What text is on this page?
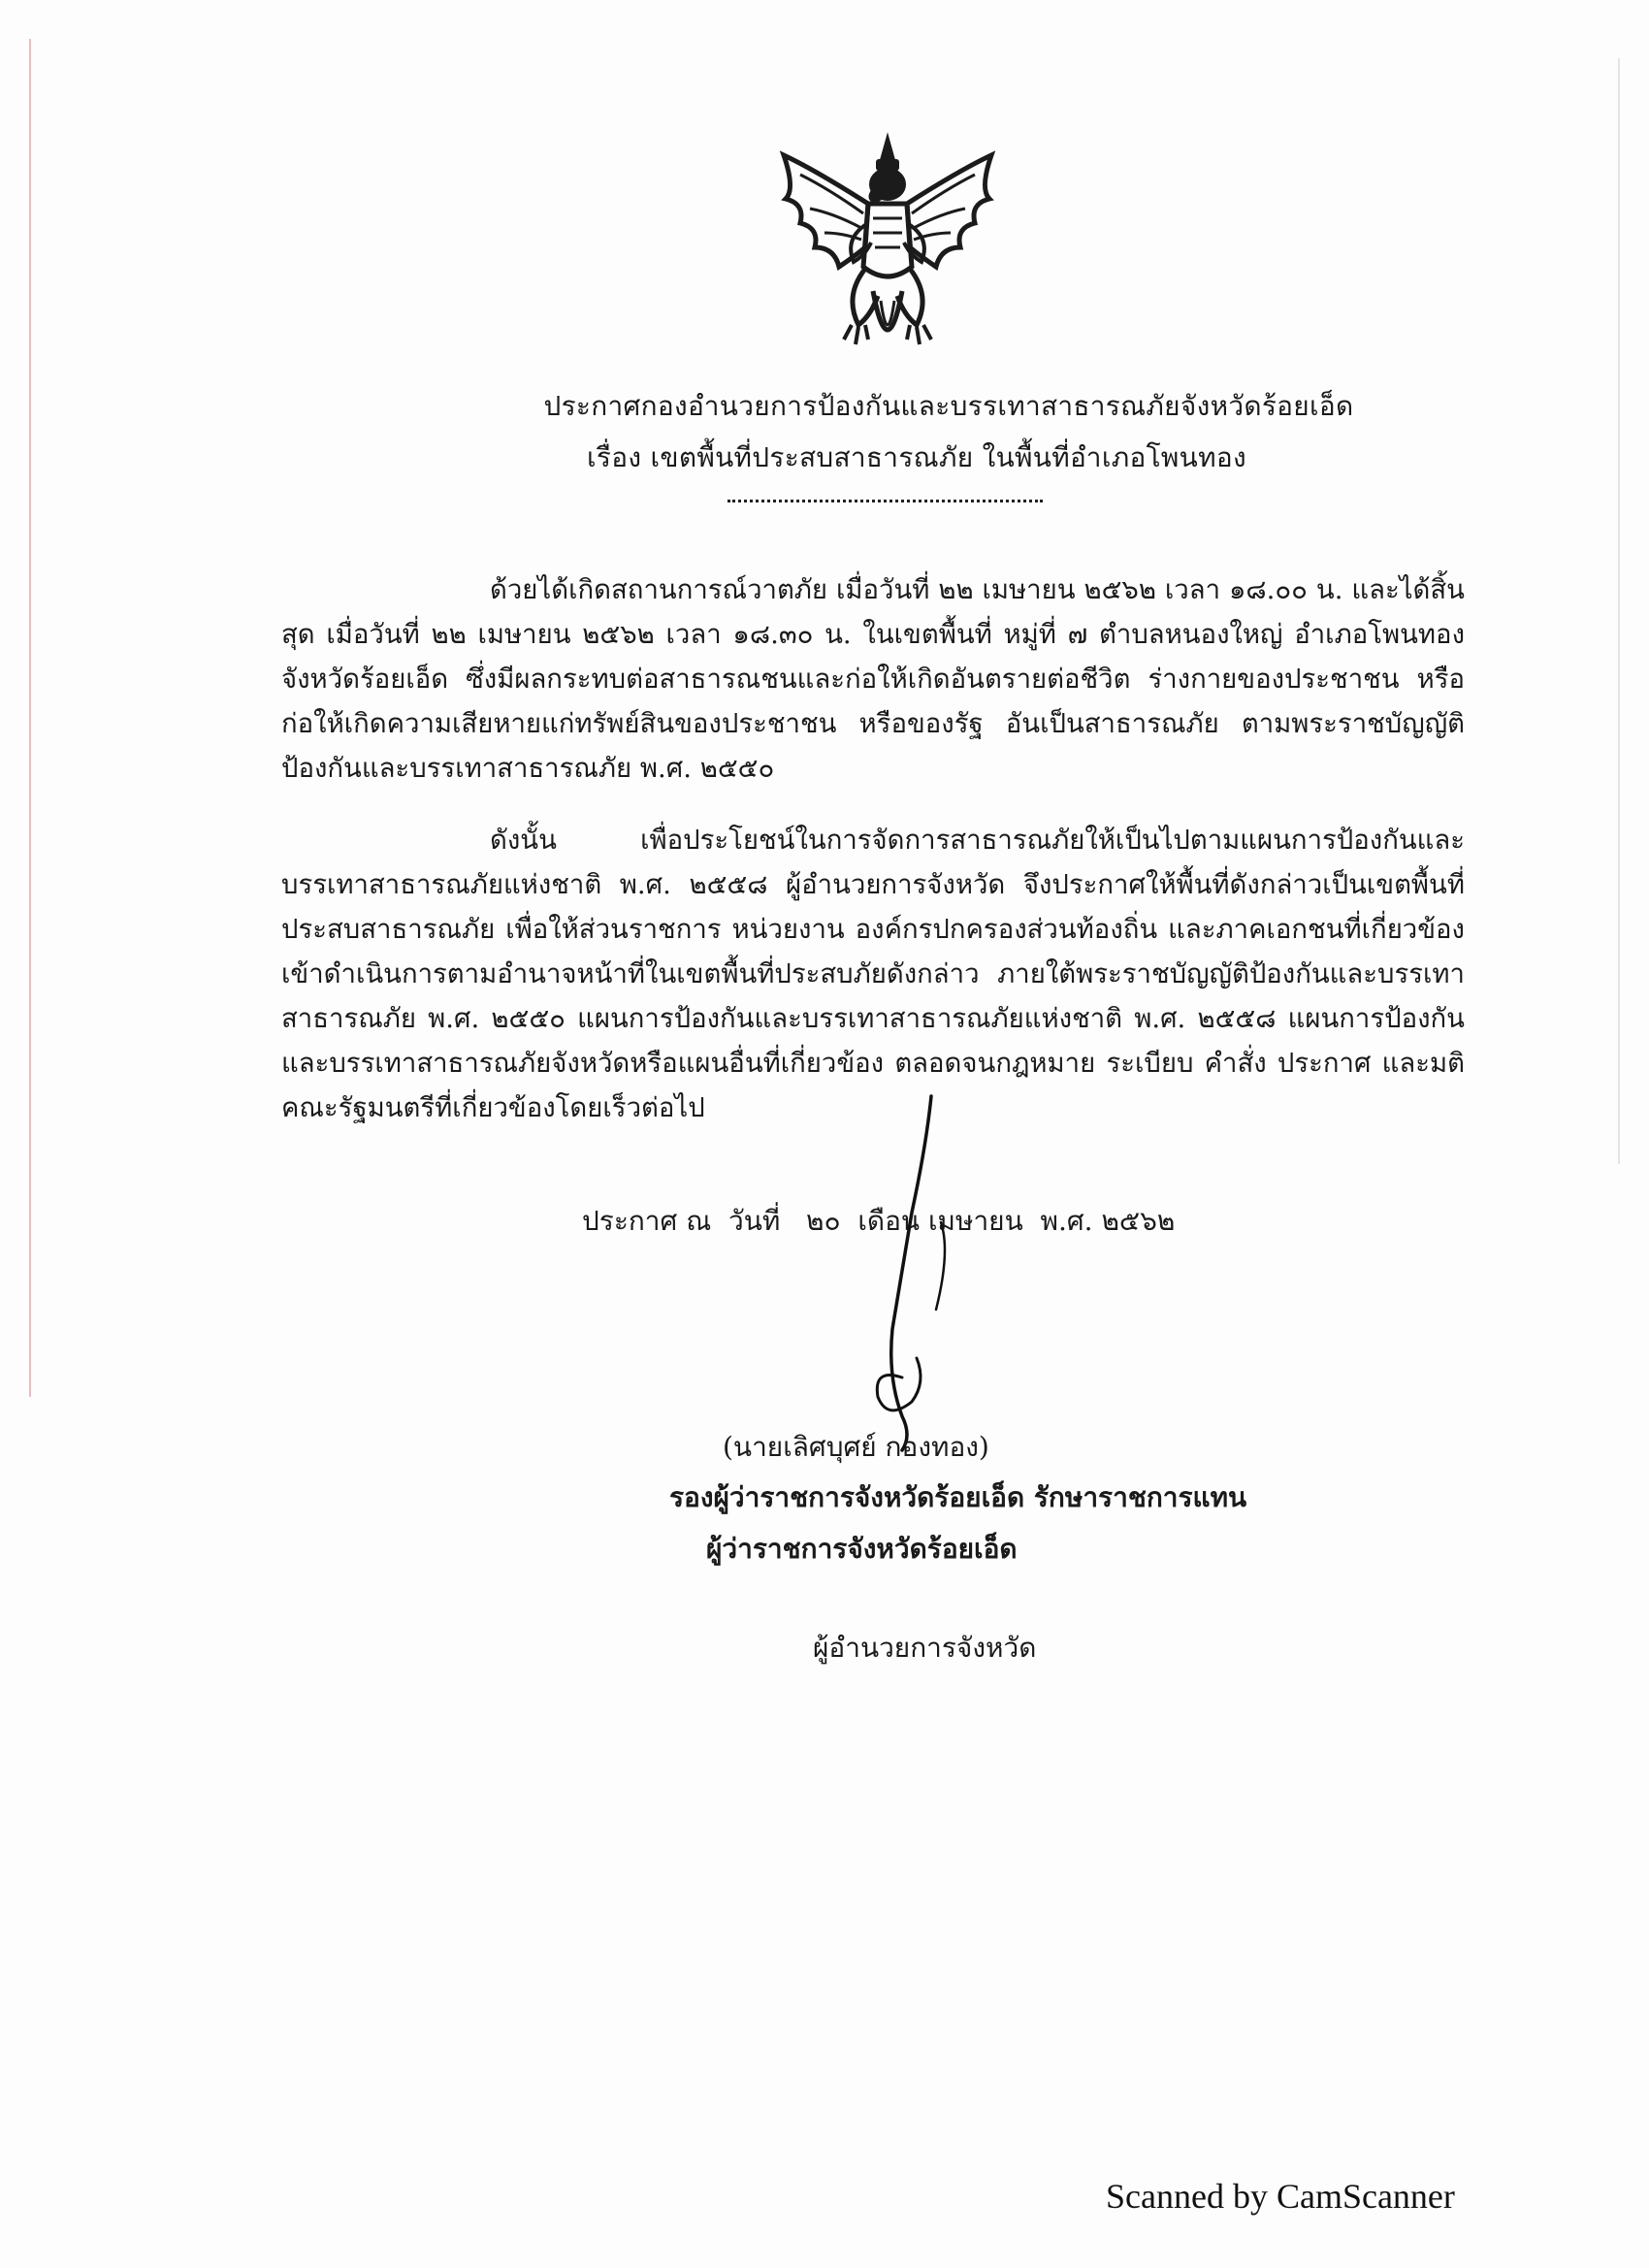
ประกาศกองอำนวยการป้องกันและบรรเทาสาธารณภัยจังหวัดร้อยเอ็ด
เรื่อง เขตพื้นที่ประสบสาธารณภัย ในพื้นที่อำเภอโพนทอง
ด้วยได้เกิดสถานการณ์วาตภัย เมื่อวันที่ ๒๒ เมษายน ๒๕๖๒ เวลา ๑๘.๐๐ น. และได้สิ้นสุด เมื่อวันที่ ๒๒ เมษายน ๒๕๖๒ เวลา ๑๘.๓๐ น. ในเขตพื้นที่ หมู่ที่ ๗ ตำบลหนองใหญ่ อำเภอโพนทอง จังหวัดร้อยเอ็ด ซึ่งมีผลกระทบต่อสาธารณชนและก่อให้เกิดอันตรายต่อชีวิต ร่างกายของประชาชน หรือก่อให้เกิดความเสียหายแก่ทรัพย์สินของประชาชน หรือของรัฐ อันเป็นสาธารณภัย ตามพระราชบัญญัติป้องกันและบรรเทาสาธารณภัย พ.ศ. ๒๕๕๐
ดังนั้น เพื่อประโยชน์ในการจัดการสาธารณภัยให้เป็นไปตามแผนการป้องกันและบรรเทาสาธารณภัยแห่งชาติ พ.ศ. ๒๕๕๘ ผู้อำนวยการจังหวัด จึงประกาศให้พื้นที่ดังกล่าวเป็นเขตพื้นที่ประสบสาธารณภัย เพื่อให้ส่วนราชการ หน่วยงาน องค์กรปกครองส่วนท้องถิ่น และภาคเอกชนที่เกี่ยวข้อง เข้าดำเนินการตามอำนาจหน้าที่ในเขตพื้นที่ประสบภัยดังกล่าว ภายใต้พระราชบัญญัติป้องกันและบรรเทาสาธารณภัย พ.ศ. ๒๕๕๐ แผนการป้องกันและบรรเทาสาธารณภัยแห่งชาติ พ.ศ. ๒๕๕๘ แผนการป้องกันและบรรเทาสาธารณภัยจังหวัดหรือแผนอื่นที่เกี่ยวข้อง ตลอดจนกฎหมาย ระเบียบ คำสั่ง ประกาศ และมติคณะรัฐมนตรีที่เกี่ยวข้องโดยเร็วต่อไป
ประกาศ ณ  วันที่   ๒๐  เดือน เมษายน  พ.ศ. ๒๕๖๒
(นายเลิศบุศย์ กองทอง)
รองผู้ว่าราชการจังหวัดร้อยเอ็ด รักษาราชการแทน
ผู้ว่าราชการจังหวัดร้อยเอ็ด
ผู้อำนวยการจังหวัด
Scanned by CamScanner
